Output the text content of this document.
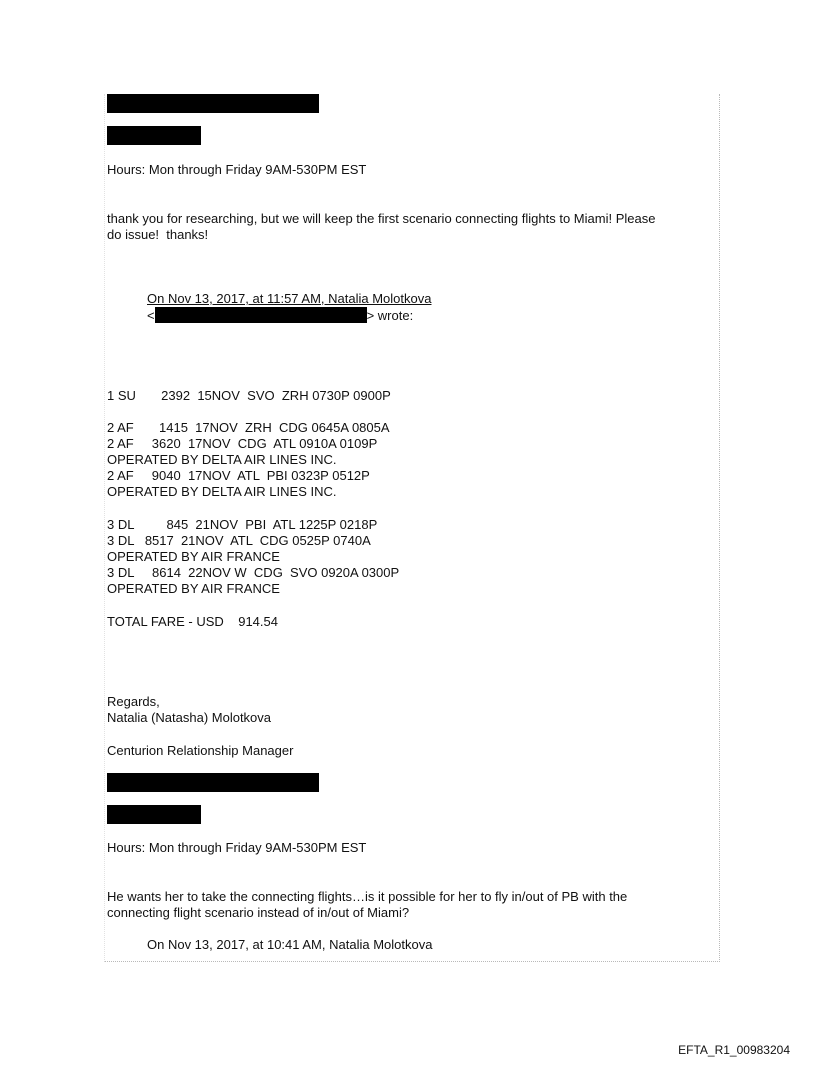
Hours: Mon through Friday 9AM-530PM EST
thank you for researching, but we will keep the first scenario connecting flights to Miami! Please
do issue!  thanks!
On Nov 13, 2017, at 11:57 AM, Natalia Molotkova
<	> wrote:
1 SU       2392  15NOV  SVO  ZRH 0730P 0900P
2 AF       1415  17NOV  ZRH  CDG 0645A 0805A
2 AF     3620  17NOV  CDG  ATL 0910A 0109P
OPERATED BY DELTA AIR LINES INC.
2 AF     9040  17NOV  ATL  PBI 0323P 0512P
OPERATED BY DELTA AIR LINES INC.
3 DL         845  21NOV  PBI  ATL 1225P 0218P
3 DL   8517  21NOV  ATL  CDG 0525P 0740A
OPERATED BY AIR FRANCE
3 DL     8614  22NOV W  CDG  SVO 0920A 0300P
OPERATED BY AIR FRANCE
TOTAL FARE - USD    914.54
Regards,
Natalia (Natasha) Molotkova
Centurion Relationship Manager
Hours: Mon through Friday 9AM-530PM EST
He wants her to take the connecting flights…is it possible for her to fly in/out of PB with the
connecting flight scenario instead of in/out of Miami?
On Nov 13, 2017, at 10:41 AM, Natalia Molotkova
EFTA_R1_00983204
